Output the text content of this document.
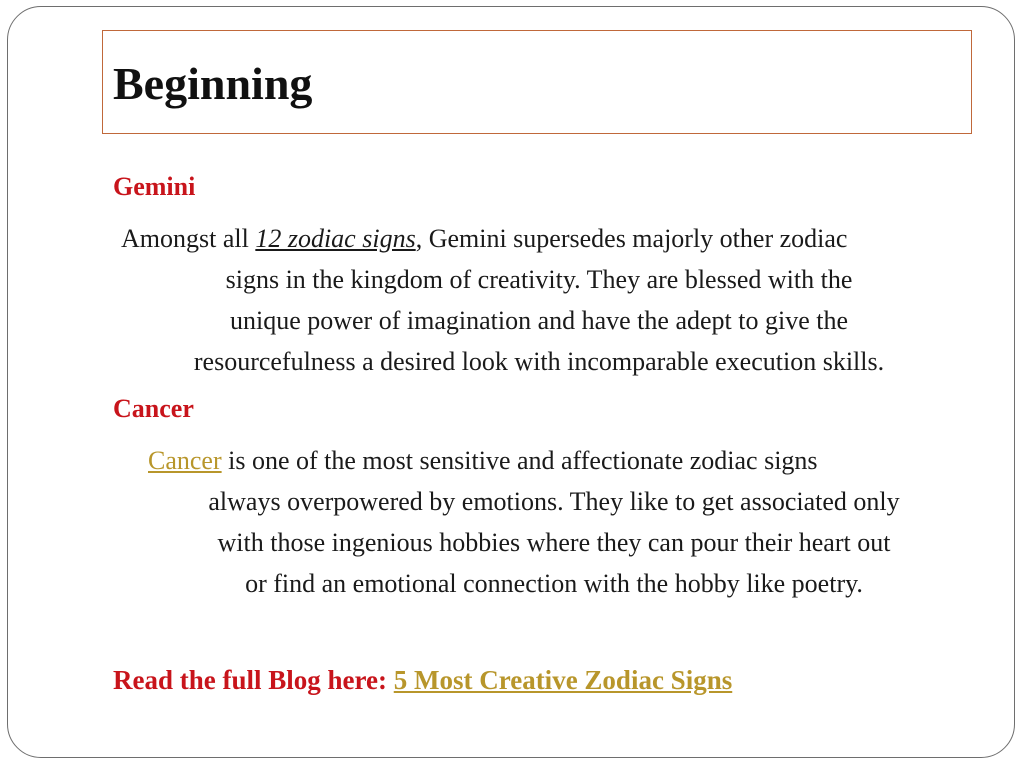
Beginning
Gemini
Amongst all 12 zodiac signs, Gemini supersedes majorly other zodiac
signs in the kingdom of creativity. They are blessed with the
unique power of imagination and have the adept to give the
resourcefulness a desired look with incomparable execution skills.
Cancer
Cancer is one of the most sensitive and affectionate zodiac signs
always overpowered by emotions. They like to get associated only
with those ingenious hobbies where they can pour their heart out
or find an emotional connection with the hobby like poetry.
Read the full Blog here: 5 Most Creative Zodiac Signs
